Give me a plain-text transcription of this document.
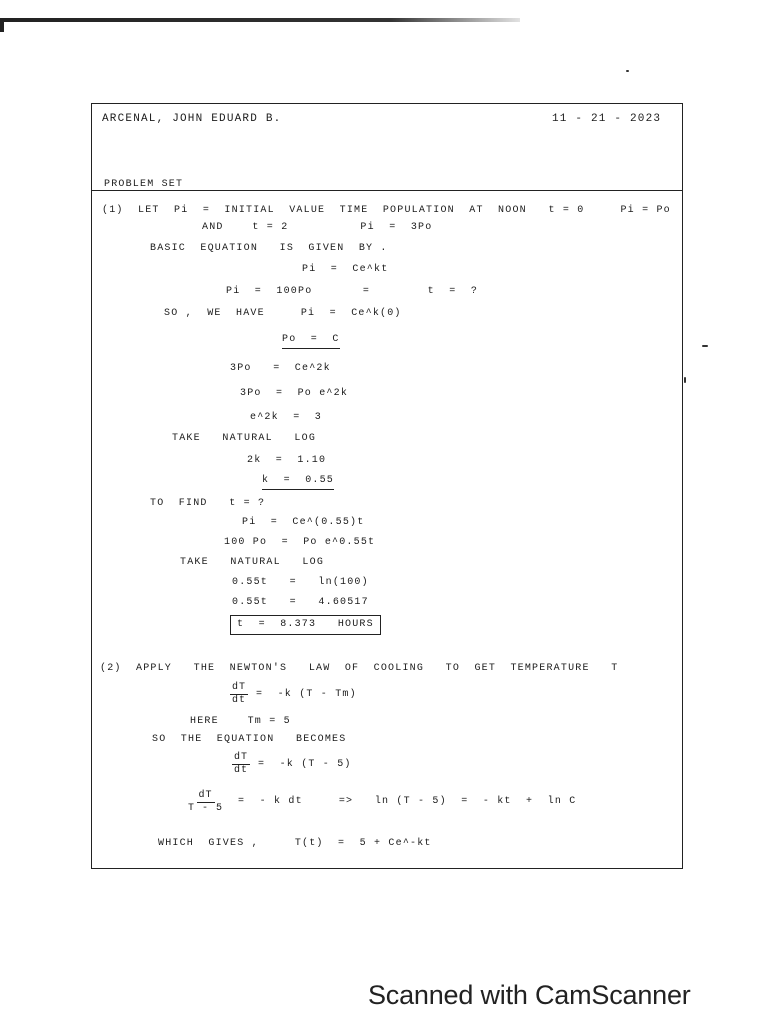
ARCENAL, JOHN EDUARD B.	11 - 21 - 2023
PROBLEM SET
(1)  LET  Pi  =  INITIAL  VALUE  TIME  POPULATION  AT  NOON   t = 0     Pi = Po
AND    t = 2          Pi  =  3Po
BASIC  EQUATION   IS  GIVEN  BY .
Pi  =  Ce^kt
Pi  =  100Po       =        t  =  ?
SO ,  WE  HAVE     Pi  =  Ce^k(0)
Po  =  C
3Po   =  Ce^2k
3Po  =  Po e^2k
e^2k  =  3
TAKE   NATURAL   LOG
2k  =  1.10
k  =  0.55
TO  FIND   t = ?
Pi  =  Ce^(0.55)t
100 Po  =  Po e^0.55t
TAKE   NATURAL   LOG
0.55t   =   ln(100)
0.55t   =   4.60517
t  =  8.373   HOURS
(2)  APPLY   THE  NEWTON'S   LAW  OF  COOLING   TO  GET  TEMPERATURE   T
$\frac{dT}{dt} = -k$ (T - Tm)
HERE    Tm = 5
SO  THE  EQUATION   BECOMES
$\frac{dT}{dt} = -k$ (T - 5)
$\frac{dT}{T - 5}$ =  - k dt     =>   ln (T - 5)  =  - kt  +  ln C
WHICH  GIVES ,     T(t)  =  5 + Ce^-kt
Scanned with CamScanner
